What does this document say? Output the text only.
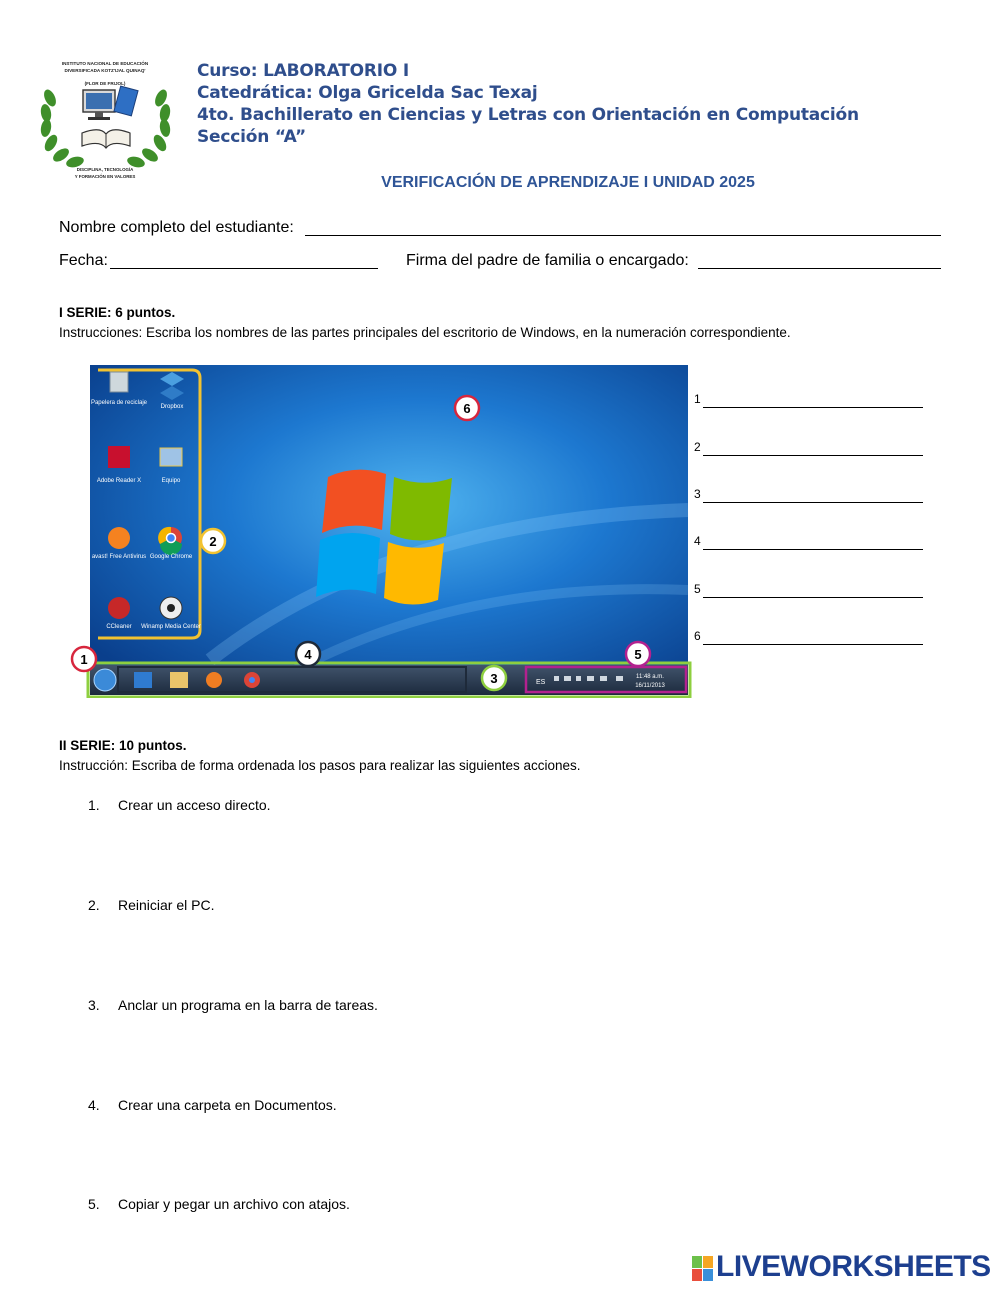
INSTITUTO NACIONAL DE EDUCACIÓN
DIVERSIFICADA KOTZ'IJAL QUINAQ'
(FLOR DE FRIJOL)
DISCIPLINA, TECNOLOGÍA
Y FORMACIÓN EN VALORES
Curso: LABORATORIO I
Catedrática: Olga Gricelda Sac Texaj
4to. Bachillerato en Ciencias y Letras con Orientación en Computación
Sección “A”
VERIFICACIÓN DE APRENDIZAJE I UNIDAD 2025
Nombre completo del estudiante:
Fecha:	Firma del padre de familia o encargado:
I SERIE: 6 puntos.
Instrucciones: Escriba los nombres de las partes principales del escritorio de Windows, en la numeración correspondiente.
Papelera de reciclaje
Dropbox
Adobe Reader X	Equipo
avast! Free Antivirus Google Chrome
CCleaner Winamp Media Center
ES
11:48 a.m.
16/11/2013
1
2
3
4	5
6
1
2
3
4
5
6
II SERIE: 10 puntos.
Instrucción: Escriba de forma ordenada los pasos para realizar las siguientes acciones.
1. Crear un acceso directo.
2. Reiniciar el PC.
3. Anclar un programa en la barra de tareas.
4. Crear una carpeta en Documentos.
5. Copiar y pegar un archivo con atajos.
LIVEWORKSHEETS
